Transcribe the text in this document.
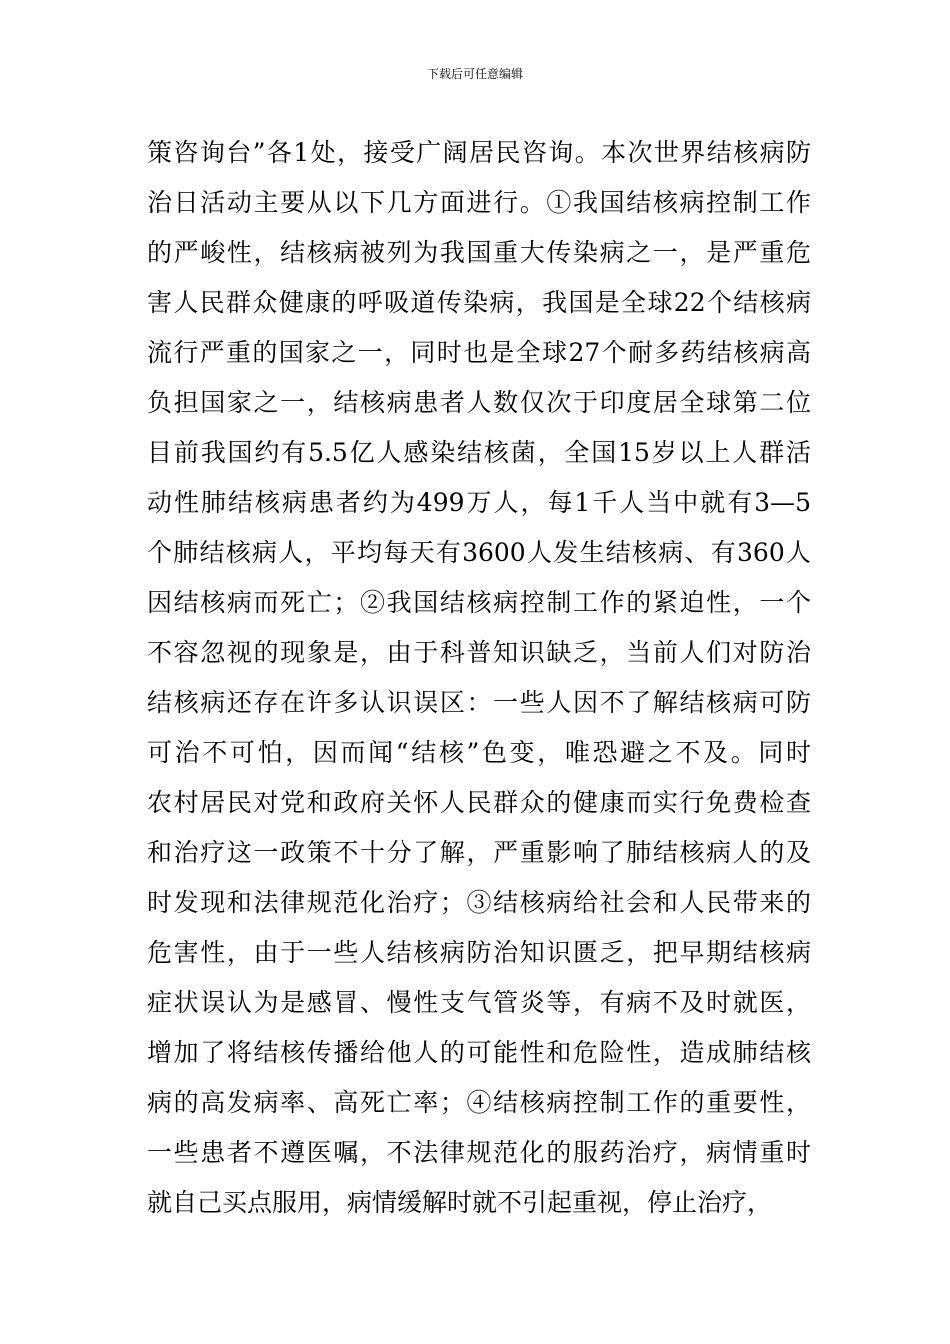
下载后可任意编辑
策咨询台”各1处，接受广阔居民咨询。本次世界结核病防
治日活动主要从以下几方面进行。①我国结核病控制工作
的严峻性，结核病被列为我国重大传染病之一，是严重危
害人民群众健康的呼吸道传染病，我国是全球22个结核病
流行严重的国家之一，同时也是全球27个耐多药结核病高
负担国家之一，结核病患者人数仅次于印度居全球第二位
目前我国约有5.5亿人感染结核菌，全国15岁以上人群活
动性肺结核病患者约为499万人，每1千人当中就有3—5
个肺结核病人，平均每天有3600人发生结核病、有360人
因结核病而死亡；②我国结核病控制工作的紧迫性，一个
不容忽视的现象是，由于科普知识缺乏，当前人们对防治
结核病还存在许多认识误区：一些人因不了解结核病可防
可治不可怕，因而闻“结核”色变，唯恐避之不及。同时
农村居民对党和政府关怀人民群众的健康而实行免费检查
和治疗这一政策不十分了解，严重影响了肺结核病人的及
时发现和法律规范化治疗；③结核病给社会和人民带来的
危害性，由于一些人结核病防治知识匮乏，把早期结核病
症状误认为是感冒、慢性支气管炎等，有病不及时就医，
增加了将结核传播给他人的可能性和危险性，造成肺结核
病的高发病率、高死亡率；④结核病控制工作的重要性，
一些患者不遵医嘱，不法律规范化的服药治疗，病情重时
就自己买点服用，病情缓解时就不引起重视，停止治疗，
